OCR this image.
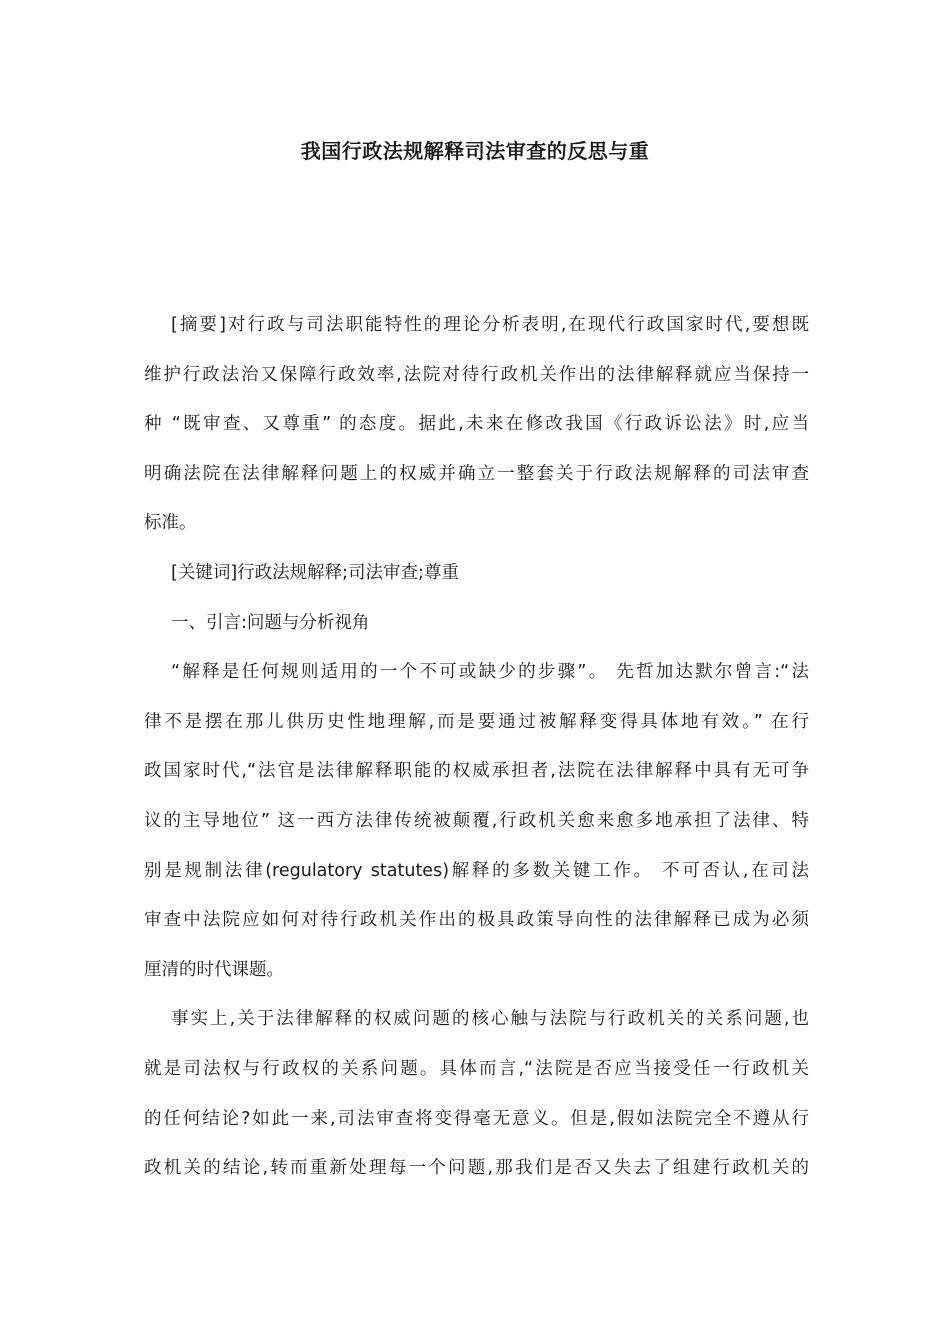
我国行政法规解释司法审查的反思与重
[摘要]对行政与司法职能特性的理论分析表明,在现代行政国家时代,要想既
维护行政法治又保障行政效率,法院对待行政机关作出的法律解释就应当保持一
种 “既审查、又尊重” 的态度。据此,未来在修改我国《行政诉讼法》时,应当
明确法院在法律解释问题上的权威并确立一整套关于行政法规解释的司法审查
标准。
[关键词]行政法规解释;司法审查;尊重
一、引言:问题与分析视角
“解释是任何规则适用的一个不可或缺少的步骤”。 先哲加达默尔曾言:“法
律不是摆在那儿供历史性地理解,而是要通过被解释变得具体地有效。” 在行
政国家时代,“法官是法律解释职能的权威承担者,法院在法律解释中具有无可争
议的主导地位” 这一西方法律传统被颠覆,行政机关愈来愈多地承担了法律、特
别是规制法律(regulatory statutes)解释的多数关键工作。 不可否认,在司法
审查中法院应如何对待行政机关作出的极具政策导向性的法律解释已成为必须
厘清的时代课题。
事实上,关于法律解释的权威问题的核心触与法院与行政机关的关系问题,也
就是司法权与行政权的关系问题。具体而言,“法院是否应当接受任一行政机关
的任何结论?如此一来,司法审查将变得毫无意义。但是,假如法院完全不遵从行
政机关的结论,转而重新处理每一个问题,那我们是否又失去了组建行政机关的
